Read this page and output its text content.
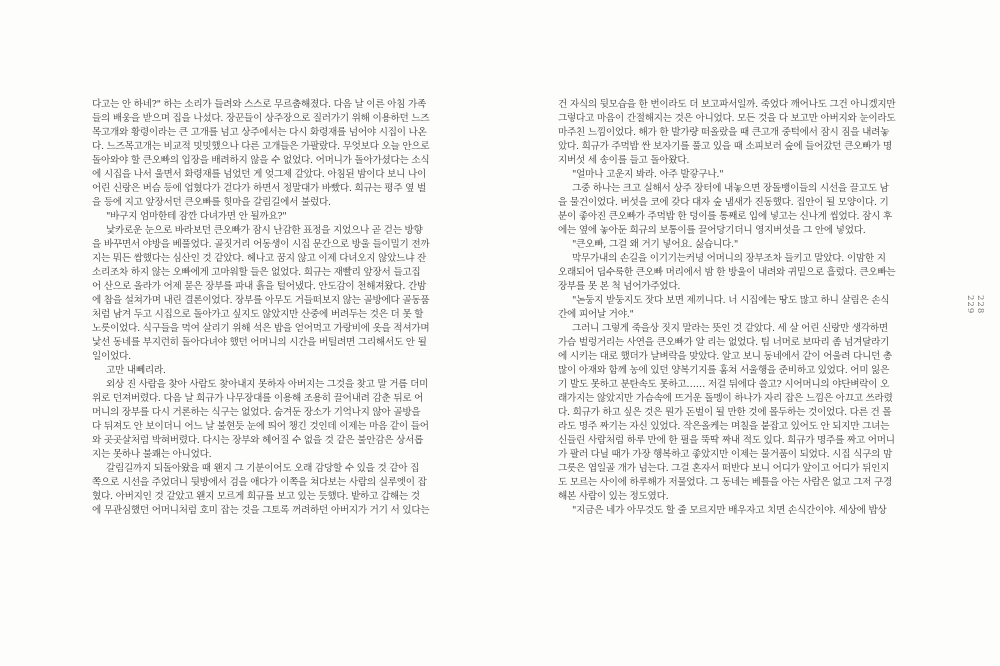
다고는 안 하네?" 하는 소리가 들려와 스스로 무르춤해졌다. 다음 날 이른 아침 가족
들의 배웅을 받으며 집을 나섰다. 장꾼들이 상주장으로 질러가기 위해 이용하던 느즈
목고개와 황령이라는 큰 고개를 넘고 상주에서는 다시 화령재를 넘어야 시집이 나온
다. 느즈목고개는 비교적 밋밋했으나 다른 고개들은 가팔랐다. 무엇보다 오늘 안으로
돌아와야 할 큰오빠의 입장을 배려하지 않을 수 없었다. 어머니가 돌아가셨다는 소식
에 시집을 나서 울면서 화령재를 넘었던 게 엊그제 같았다. 아침된 밤이다 보니 나이
어린 신랑은 버슴 등에 업혔다가 걷다가 하면서 정말대가 바빴다. 희규는 평주 옆 벌
을 등에 지고 앞장서던 큰오빠를 힛마을 갈림길에서 불렀다.
"바구지 엄마한테 잠깐 다녀가면 안 될까요?"
낯카로운 눈으로 바라보던 큰오빠가 잠시 난감한 표정을 지었으나 곧 걷는 방향
을 바꾸면서 야방을 베풀었다. 골짓거리 어동생이 시집 문간으로 방울 들이밀기 전까
지는 뭐든 쌈했다는 심산인 것 같았다. 헤나고 꿈지 않고 이제 다녀오지 않았느냐 잔
소리조차 하지 않는 오빠에게 고마워할 들은 없었다. 희규는 재빨리 앞장서 들고집
어 산으로 올라가 어제 묻은 장부를 파내 흙을 털어냈다. 안도감이 천해져왔다. 간밤
에 참을 설쳐가며 내린 결론이었다. 장부를 아무도 거들떠보지 않는 골방에다 골동품
처럼 남겨 두고 시집으로 돌아가고 싶지도 않았지만 산중에 버려두는 것은 더 못 할
노릇이었다. 식구들을 먹여 살리기 위해 석은 밥을 얻어먹고 가랑비에 옷을 적셔가며
낯선 동네를 부지런히 돌아다녀야 했던 어머니의 시간을 버틸려면 그리해서도 안 될
일이었다.
고만 내뻬리라.
외상 진 사람을 찾아 사람도 찾아내지 못하자 아버지는 그것을 찾고 말 거름 더미
위로 던져버렸다. 다음 날 희규가 나무장대를 이용해 조용히 끌어내려 감춘 뒤로 어
머니의 장부를 다시 거론하는 식구는 없었다. 숨겨둔 장소가 기억나지 않아 골방을
다 뒤져도 안 보이더니 어느 날 불현듯 눈에 띄어 챙긴 것인데 이제는 마음 같이 들어
와 곳곳살처럼 박혀버렸다. 다시는 장부와 헤어질 수 없을 것 같은 불안감은 상서롭
지는 못하나 불쾌는 아니었다.
갈림길까지 되돌아왔을 때 왠지 그 기분이어도 오래 감당할 수 있을 것 같아 집
쪽으로 시선을 주었더니 뒷방에서 검을 애다가 이쪽을 쳐다보는 사람의 실루엣이 잡
혔다. 아버지인 것 같았고 왠지 모르게 희규를 보고 있는 듯했다. 밭하고 갑해는 것
에 무관심했던 어머니처럼 호미 잡는 것을 그토록 꺼려하던 아버지가 거기 서 있다는
건 자식의 뒷모습을 한 번이라도 더 보고파서일까. 죽었다 깨어나도 그건 아니겠지만
그렇다고 마음이 간절해지는 것은 아니었다. 모든 것을 다 보고만 아버지와 눈이라도
마주친 느낌이었다. 해가 한 발가량 떠올랐을 때 큰고개 중턱에서 잠시 짐을 내려놓
았다. 희규가 주먹밥 싼 보자기를 풀고 있을 때 소피보러 숲에 들어갔던 큰오빠가 명
지버섯 세 송이를 들고 돌아왔다.
"얼마나 고운지 봐라. 아주 발갛구나."
그중 하나는 크고 실해서 상주 장터에 내놓으면 장돌뱅이들의 시선을 끌고도 남
을 물건이었다. 버섯을 코에 갖다 대자 숲 냄새가 진동했다. 집안이 될 모양이다. 기
분이 좋아진 큰오빠가 주먹밥 한 덩이를 통째로 입에 넣고는 신나게 씹었다. 잠시 후
에는 옆에 놓아둔 희규의 보통이를 끌어당기더니 영지버섯을 그 안에 넣었다.
"큰오빠, 그걸 왜 거기 넣어요. 싫습니다."
막무가내의 손길을 이기기는커녕 어머니의 장부조차 들키고 말았다. 이맘한 지
오래되어 딥수룩한 큰오빠 머리에서 밤 한 방울이 내려와 귀밑으로 흘렀다. 큰오빠는
장부를 못 본 척 넘어가주었다.
"논둥지 받둥지도 잣다 보면 제끼니다. 너 시집에는 땅도 많고 하니 살림은 손식
간에 피어날 거야."
그러니 그렇게 죽을상 짓지 말라는 뜻인 것 같았다. 세 살 어린 신랑만 생각하면
가슴 벌렁거리는 사연을 큰오빠가 알 리는 없었다. 팀 너머로 보따리 좀 넘겨달라기
에 시키는 대로 했더가 날벼락을 맞았다. 알고 보니 동네에서 같이 어울려 다니던 총
많이 아재와 함께 농에 있던 양복기지를 훔쳐 서울행을 준비하고 있었다. 어미 잃은
기 발도 못하고 분탄속도 못하고…… 저걸 뒤에다 쓸고? 시어머니의 야단벼락이 오
래가지는 않았지만 가슴속에 뜨거운 돌멩이 하나가 자리 잡은 느낌은 아끄고 쓰라렸
다. 희규가 하고 싶은 것은 뭔가 돈벌이 될 만한 것에 몰두하는 것이었다. 다른 건 몰
라도 명주 짜기는 자신 있었다. 작은올케는 며칠을 붙잡고 있어도 안 되지만 그녀는
신들린 사람처럼 하루 만에 한 필을 뚝딱 짜내 적도 있다. 희규가 명주를 짜고 어머니
가 팔러 다닐 때가 가장 행복하고 좋았지만 이제는 물거품이 되었다. 시집 식구의 맘
그릇은 엽일골 개가 넘는다. 그걸 혼자서 떠반다 보니 어디가 앞이고 어디가 뒤인지
도 모르는 사이에 하루해가 저물었다. 그 동네는 베틀을 아는 사람은 없고 그저 구경
해본 사람이 있는 정도였다.
"지금은 네가 아무것도 할 줄 모르지만 배우자고 치면 손식간이야. 세상에 밥상
228
229
